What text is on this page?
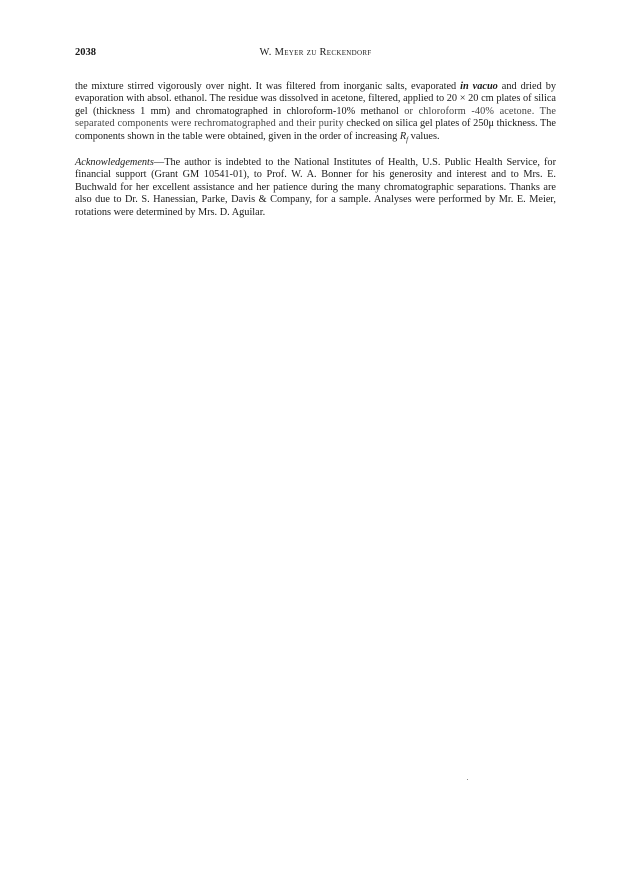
2038	W. Meyer zu Reckendorf

the mixture stirred vigorously over night. It was filtered from inorganic salts, evaporated in vacuo and dried by evaporation with absol. ethanol. The residue was dissolved in acetone, filtered, applied to 20 × 20 cm plates of silica gel (thickness 1 mm) and chromatographed in chloroform-10% methanol or chloroform -40% acetone. The separated components were rechromatographed and their purity checked on silica gel plates of 250μ thickness. The components shown in the table were obtained, given in the order of increasing $R_f$ values.

Acknowledgements—The author is indebted to the National Institutes of Health, U.S. Public Health Service, for financial support (Grant GM 10541-01), to Prof. W. A. Bonner for his generosity and interest and to Mrs. E. Buchwald for her excellent assistance and her patience during the many chromatographic separations. Thanks are also due to Dr. S. Hanessian, Parke, Davis & Company, for a sample. Analyses were performed by Mr. E. Meier, rotations were determined by Mrs. D. Aguilar.
